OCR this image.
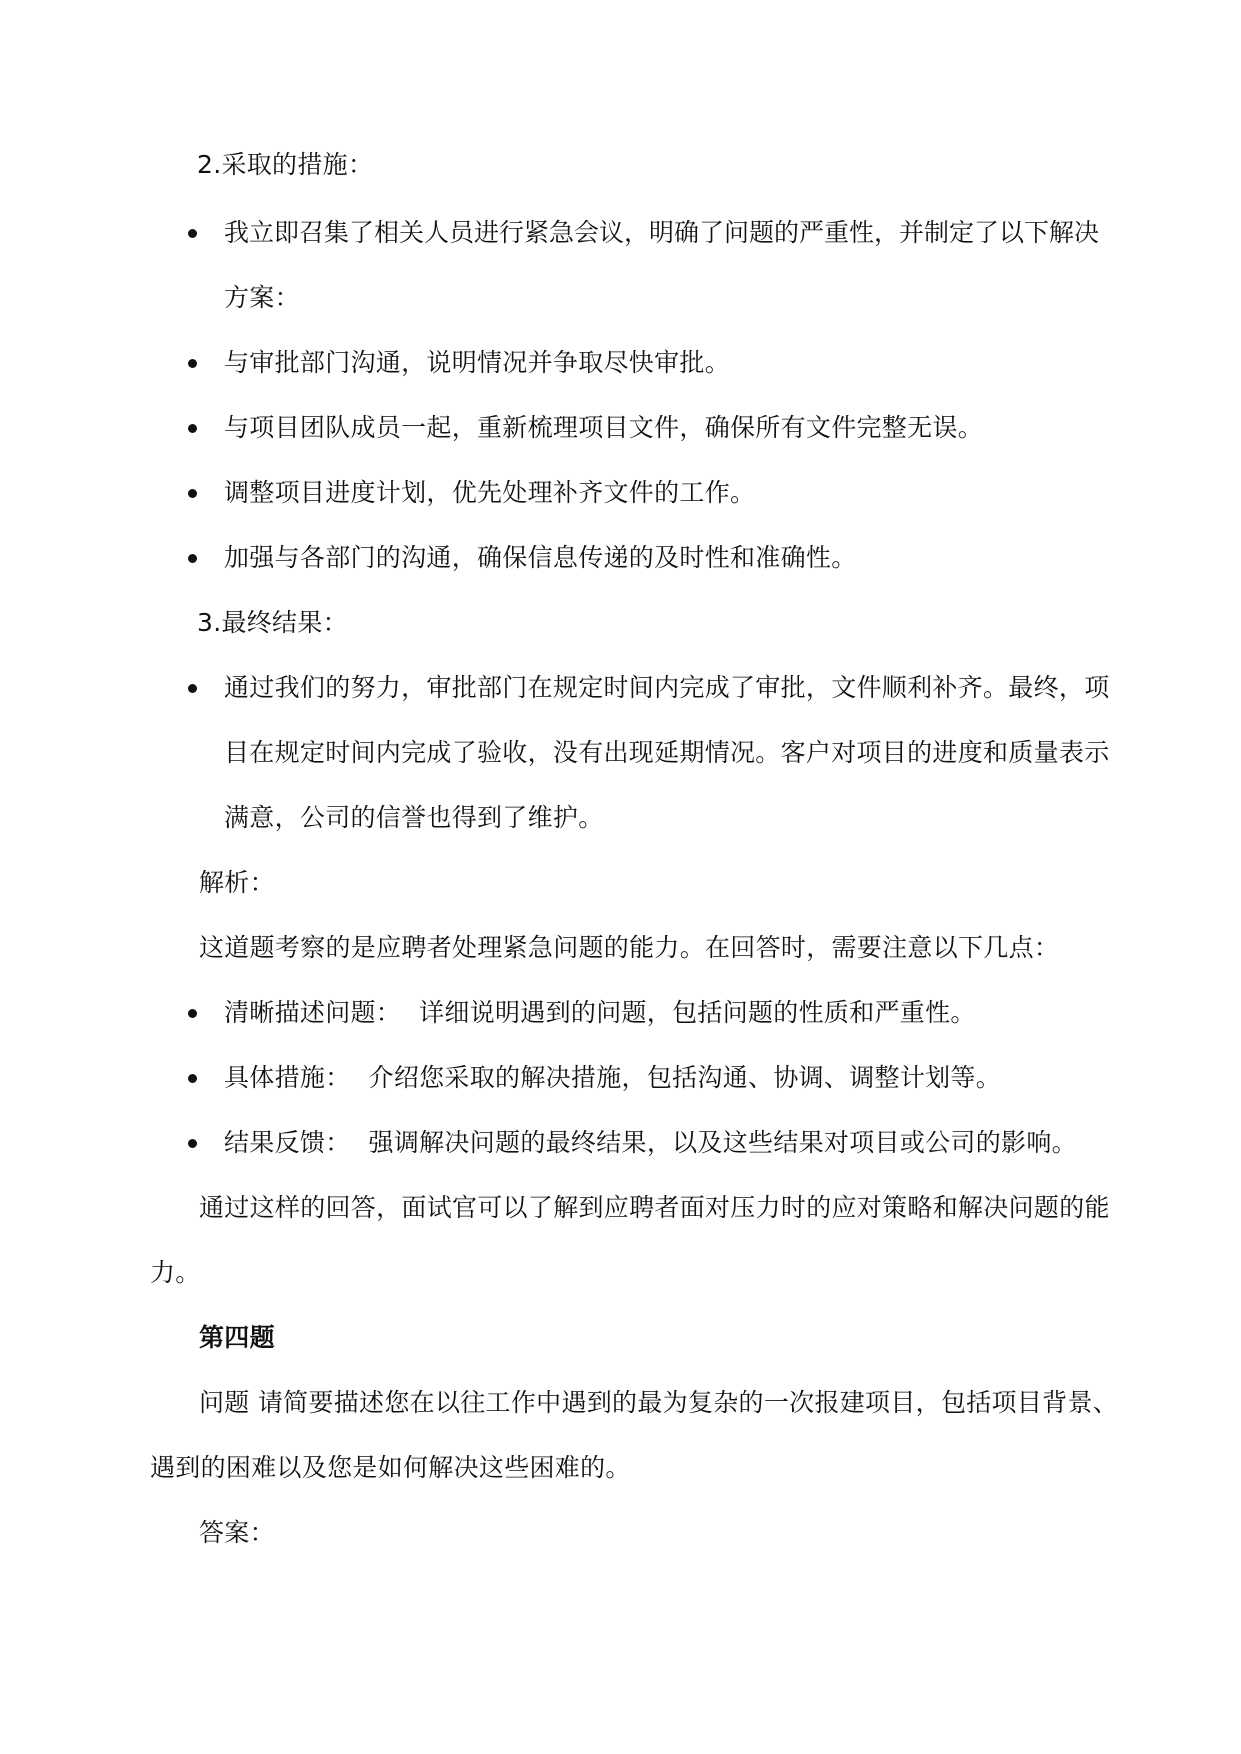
2.采取的措施：
我立即召集了相关人员进行紧急会议，明确了问题的严重性，并制定了以下解决
方案：
与审批部门沟通，说明情况并争取尽快审批。
与项目团队成员一起，重新梳理项目文件，确保所有文件完整无误。
调整项目进度计划，优先处理补齐文件的工作。
加强与各部门的沟通，确保信息传递的及时性和准确性。
3.最终结果：
通过我们的努力，审批部门在规定时间内完成了审批，文件顺利补齐。最终，项
目在规定时间内完成了验收，没有出现延期情况。客户对项目的进度和质量表示
满意，公司的信誉也得到了维护。
解析：
这道题考察的是应聘者处理紧急问题的能力。在回答时，需要注意以下几点：
清晰描述问题： 详细说明遇到的问题，包括问题的性质和严重性。
具体措施： 介绍您采取的解决措施，包括沟通、协调、调整计划等。
结果反馈： 强调解决问题的最终结果，以及这些结果对项目或公司的影响。
通过这样的回答，面试官可以了解到应聘者面对压力时的应对策略和解决问题的能
力。
第四题
问题 请简要描述您在以往工作中遇到的最为复杂的一次报建项目，包括项目背景、
遇到的困难以及您是如何解决这些困难的。
答案：
